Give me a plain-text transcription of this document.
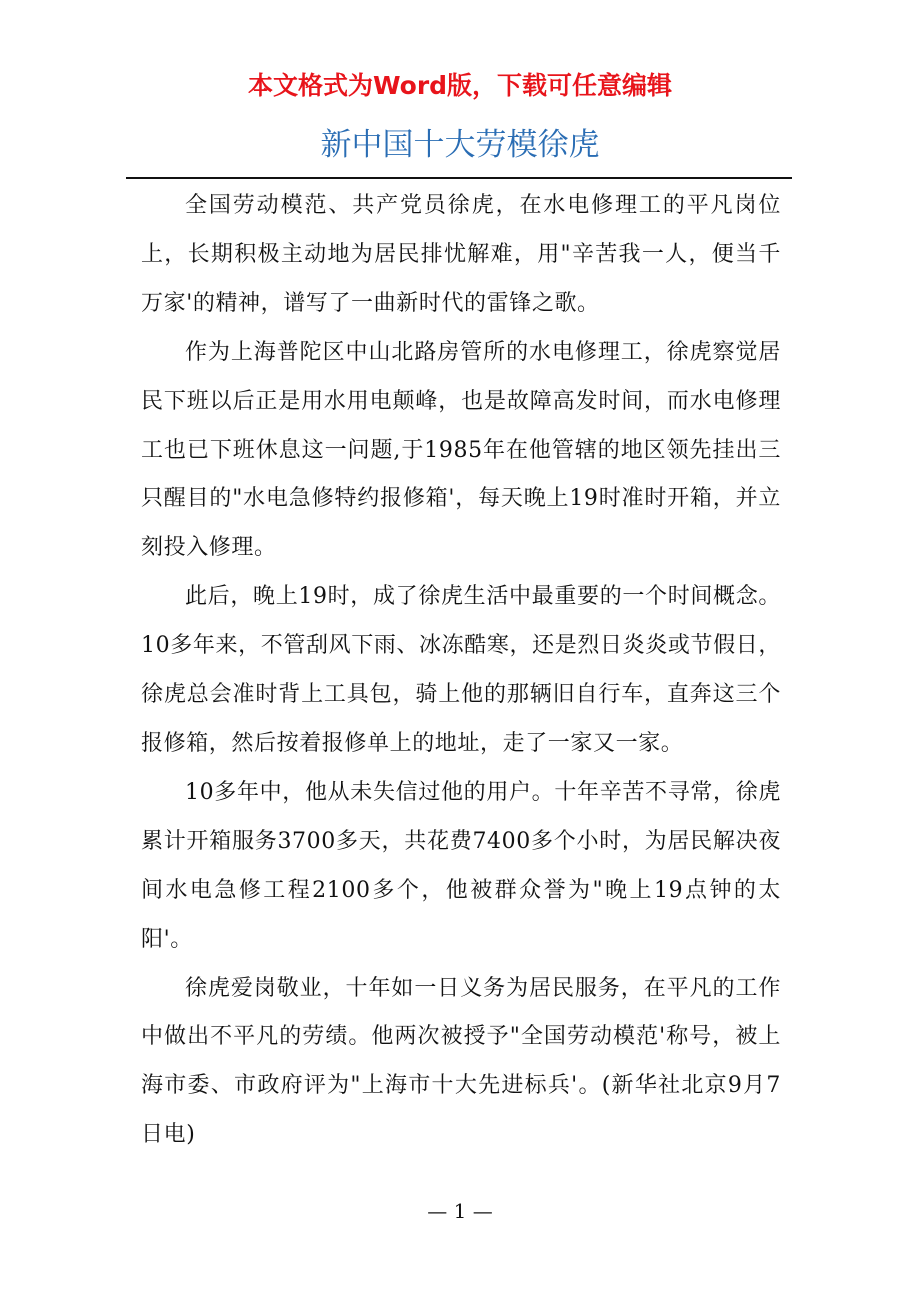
本文格式为Word版，下载可任意编辑
新中国十大劳模徐虎

全国劳动模范、共产党员徐虎，在水电修理工的平凡岗位上，长期积极主动地为居民排忧解难，用"辛苦我一人，便当千万家'的精神，谱写了一曲新时代的雷锋之歌。

作为上海普陀区中山北路房管所的水电修理工，徐虎察觉居民下班以后正是用水用电颠峰，也是故障高发时间，而水电修理工也已下班休息这一问题,于1985年在他管辖的地区领先挂出三只醒目的"水电急修特约报修箱'，每天晚上19时准时开箱，并立刻投入修理。

此后，晚上19时，成了徐虎生活中最重要的一个时间概念。10多年来，不管刮风下雨、冰冻酷寒，还是烈日炎炎或节假日，徐虎总会准时背上工具包，骑上他的那辆旧自行车，直奔这三个报修箱，然后按着报修单上的地址，走了一家又一家。

10多年中，他从未失信过他的用户。十年辛苦不寻常，徐虎累计开箱服务3700多天，共花费7400多个小时，为居民解决夜间水电急修工程2100多个，他被群众誉为"晚上19点钟的太阳'。

徐虎爱岗敬业，十年如一日义务为居民服务，在平凡的工作中做出不平凡的劳绩。他两次被授予"全国劳动模范'称号，被上海市委、市政府评为"上海市十大先进标兵'。(新华社北京9月7日电)

— 1 —
